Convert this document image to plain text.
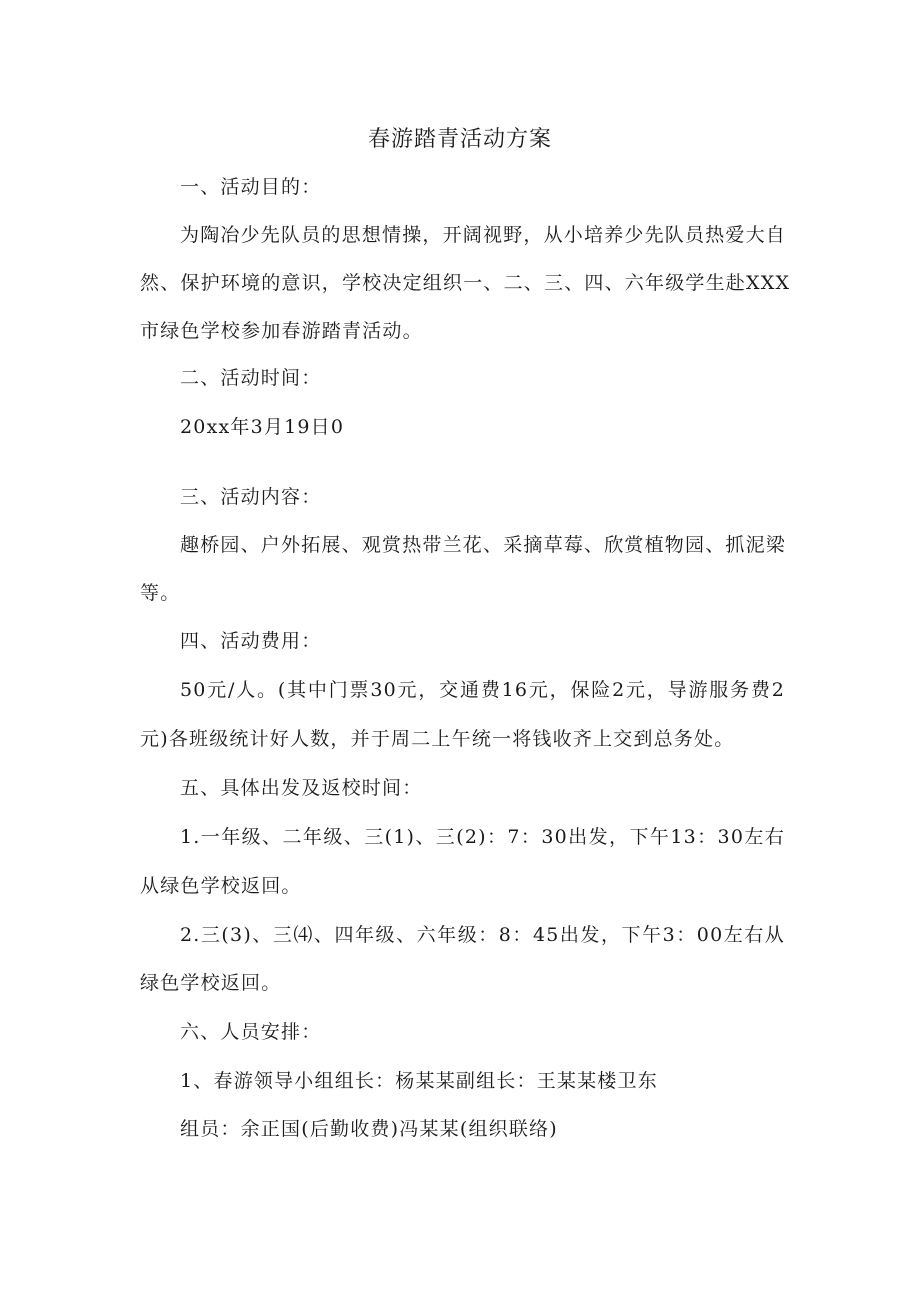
春游踏青活动方案
一、活动目的：
为陶冶少先队员的思想情操，开阔视野，从小培养少先队员热爱大自
然、保护环境的意识，学校决定组织一、二、三、四、六年级学生赴XXX
市绿色学校参加春游踏青活动。
二、活动时间：
20xx年3月19日0
三、活动内容：
趣桥园、户外拓展、观赏热带兰花、采摘草莓、欣赏植物园、抓泥梁
等。
四、活动费用：
50元/人。(其中门票30元，交通费16元，保险2元，导游服务费2
元)各班级统计好人数，并于周二上午统一将钱收齐上交到总务处。
五、具体出发及返校时间：
1.一年级、二年级、三(1)、三(2)：7：30出发，下午13：30左右
从绿色学校返回。
2.三(3)、三⑷、四年级、六年级：8：45出发，下午3：00左右从
绿色学校返回。
六、人员安排：
1、春游领导小组组长：杨某某副组长：王某某楼卫东
组员：余正国(后勤收费)冯某某(组织联络)
